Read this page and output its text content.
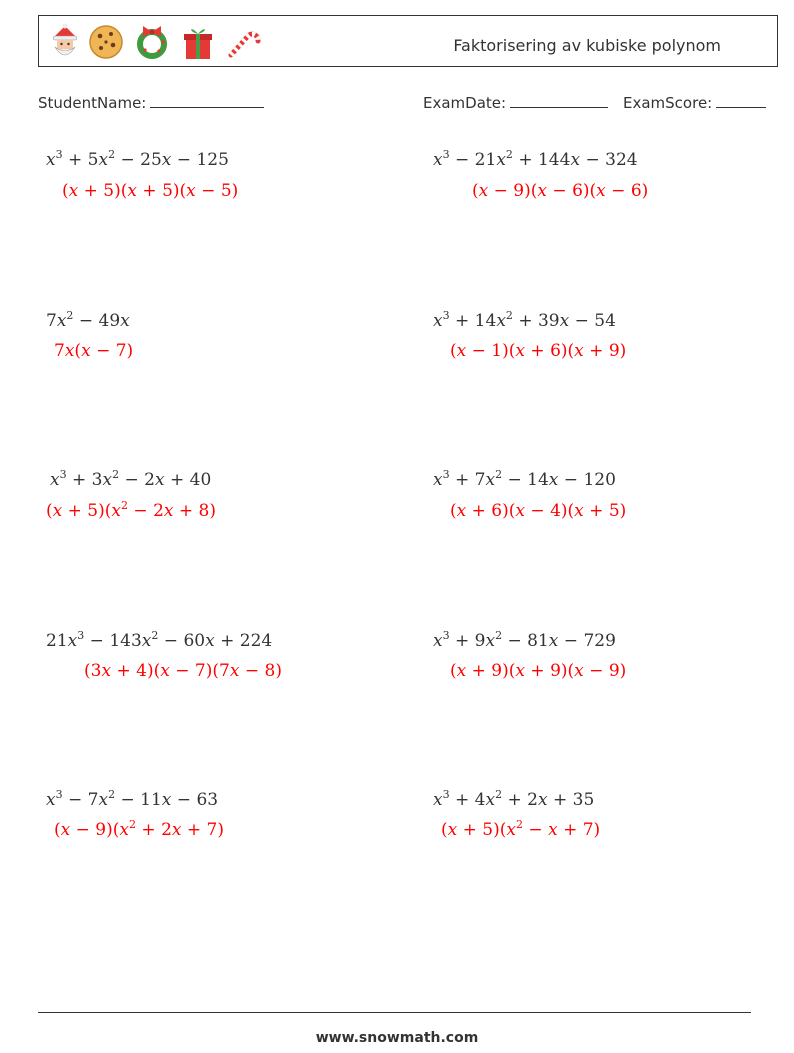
Faktorisering av kubiske polynom
StudentName:	ExamDate:	ExamScore:
$x^3 + 5x^2 - 25x - 125$
(x + 5)(x + 5)(x − 5)
$x^3 - 21x^2 + 144x - 324$
(x − 9)(x − 6)(x − 6)
$7x^2 - 49x$
7x(x − 7)
$x^3 + 14x^2 + 39x - 54$
(x − 1)(x + 6)(x + 9)
$x^3 + 3x^2 - 2x + 40$
$(x + 5)(x^2 - 2x + 8)$
$x^3 + 7x^2 - 14x - 120$
(x + 6)(x − 4)(x + 5)
$21x^3 - 143x^2 - 60x + 224$
(3x + 4)(x − 7)(7x − 8)
$x^3 + 9x^2 - 81x - 729$
(x + 9)(x + 9)(x − 9)
$x^3 - 7x^2 - 11x - 63$
$(x - 9)(x^2 + 2x + 7)$
$x^3 + 4x^2 + 2x + 35$
$(x + 5)(x^2 - x + 7)$
www.snowmath.com
